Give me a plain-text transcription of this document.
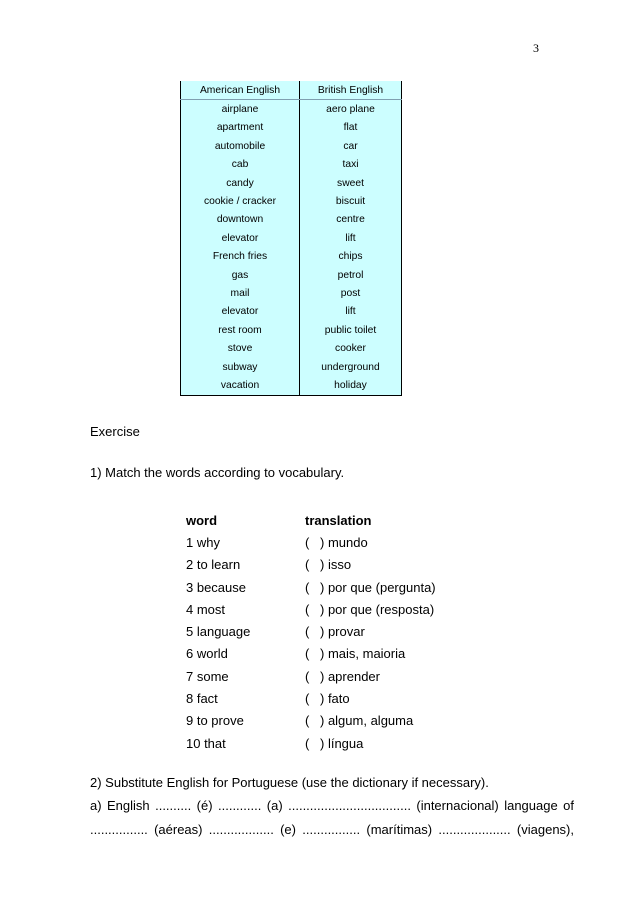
3
American English	British English
airplane	aero plane
apartment	flat
automobile	car
cab	taxi
candy	sweet
cookie / cracker	biscuit
downtown	centre
elevator	lift
French fries	chips
gas	petrol
mail	post
elevator	lift
rest room	public toilet
stove	cooker
subway	underground
vacation	holiday
Exercise
1) Match the words according to vocabulary.
word	translation
1 why	( ) mundo
2 to learn	( ) isso
3 because	( ) por que (pergunta)
4 most	( ) por que (resposta)
5 language	( ) provar
6 world	( ) mais, maioria
7 some	( ) aprender
8 fact	( ) fato
9 to prove	( ) algum, alguma
10 that	( ) língua
2) Substitute English for Portuguese (use the dictionary if necessary).
a) English .......... (é) ............ (a) .................................. (internacional) language of
................ (aéreas) .................. (e) ................ (marítimas) .................... (viagens),
